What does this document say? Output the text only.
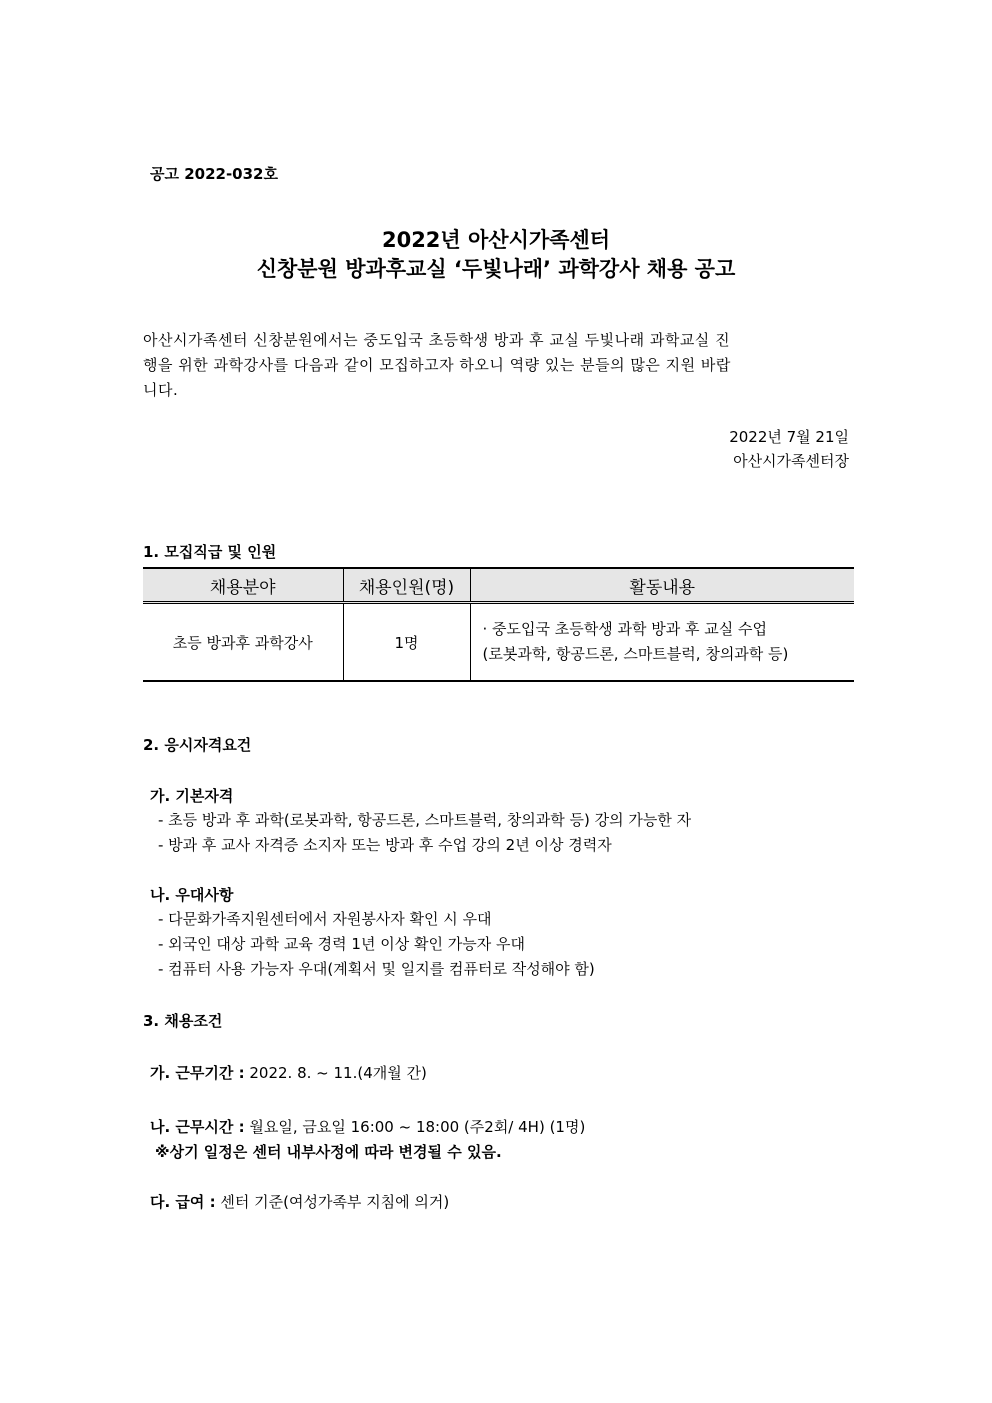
공고 2022-032호
2022년 아산시가족센터
신창분원 방과후교실 ‘두빛나래’ 과학강사 채용 공고
아산시가족센터 신창분원에서는 중도입국 초등학생 방과 후 교실 두빛나래 과학교실 진
행을 위한 과학강사를 다음과 같이 모집하고자 하오니 역량 있는 분들의 많은 지원 바랍
니다.
2022년 7월 21일
아산시가족센터장
1. 모집직급 및 인원
채용분야	채용인원(명)	활동내용
초등 방과후 과학강사	1명	· 중도입국 초등학생 과학 방과 후 교실 수업
(로봇과학, 항공드론, 스마트블럭, 창의과학 등)
2. 응시자격요건
가. 기본자격
- 초등 방과 후 과학(로봇과학, 항공드론, 스마트블럭, 창의과학 등) 강의 가능한 자
- 방과 후 교사 자격증 소지자 또는 방과 후 수업 강의 2년 이상 경력자
나. 우대사항
- 다문화가족지원센터에서 자원봉사자 확인 시 우대
- 외국인 대상 과학 교육 경력 1년 이상 확인 가능자 우대
- 컴퓨터 사용 가능자 우대(계획서 및 일지를 컴퓨터로 작성해야 함)
3. 채용조건
가. 근무기간 : 2022. 8. ~ 11.(4개월 간)
나. 근무시간 : 월요일, 금요일 16:00 ~ 18:00 (주2회/ 4H) (1명)
※상기 일정은 센터 내부사정에 따라 변경될 수 있음.
다. 급여 : 센터 기준(여성가족부 지침에 의거)
